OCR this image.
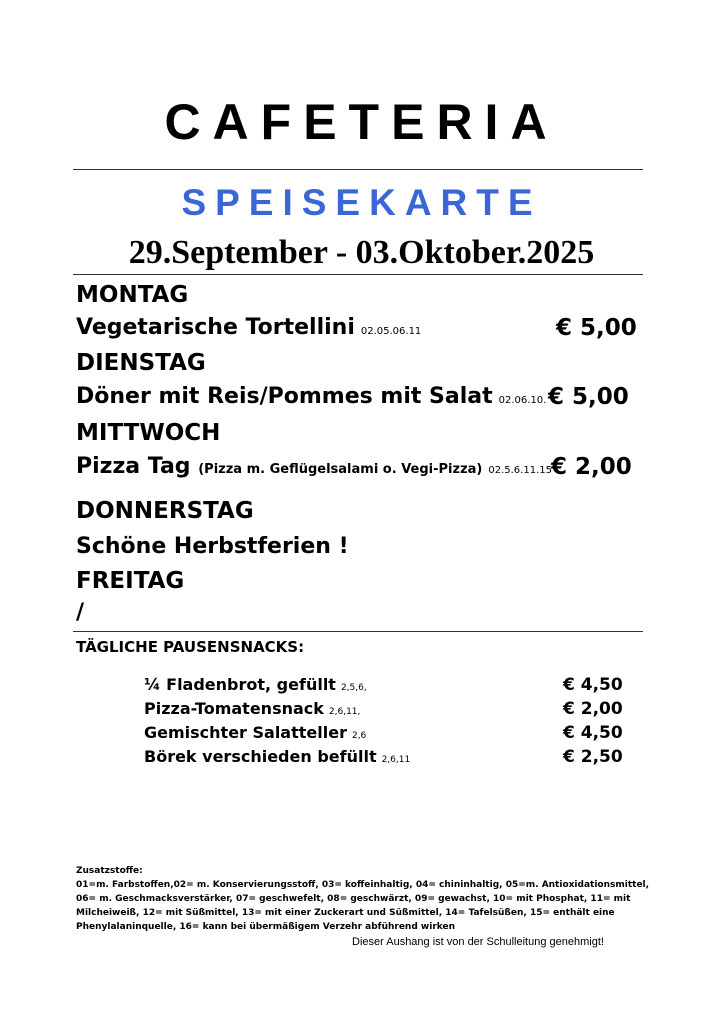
CAFETERIA
SPEISEKARTE
29.September - 03.Oktober.2025
MONTAG
Vegetarische Tortellini 02.05.06.11	€ 5,00
DIENSTAG
Döner mit Reis/Pommes mit Salat 02.06.10. € 5,00
MITTWOCH
Pizza Tag (Pizza m. Geflügelsalami o. Vegi-Pizza) 02.5.6.11.15 € 2,00
DONNERSTAG
Schöne Herbstferien !
FREITAG
/
TÄGLICHE PAUSENSNACKS:
¼ Fladenbrot, gefüllt 2,5,6,	€ 4,50
Pizza-Tomatensnack 2,6,11,	€ 2,00
Gemischter Salatteller 2,6	€ 4,50
Börek verschieden befüllt 2,6,11	€ 2,50
Zusatzstoffe:
01=m. Farbstoffen,02= m. Konservierungsstoff, 03= koffeinhaltig, 04= chininhaltig, 05=m. Antioxidationsmittel, 06= m. Geschmacksverstärker, 07= geschwefelt, 08= geschwärzt, 09= gewachst, 10= mit Phosphat, 11= mit Milcheiweiß, 12= mit Süßmittel, 13= mit einer Zuckerart und Süßmittel, 14= Tafelsüßen, 15= enthält eine Phenylalaninquelle, 16= kann bei übermäßigem Verzehr abführend wirken
Dieser Aushang ist von der Schulleitung genehmigt!
